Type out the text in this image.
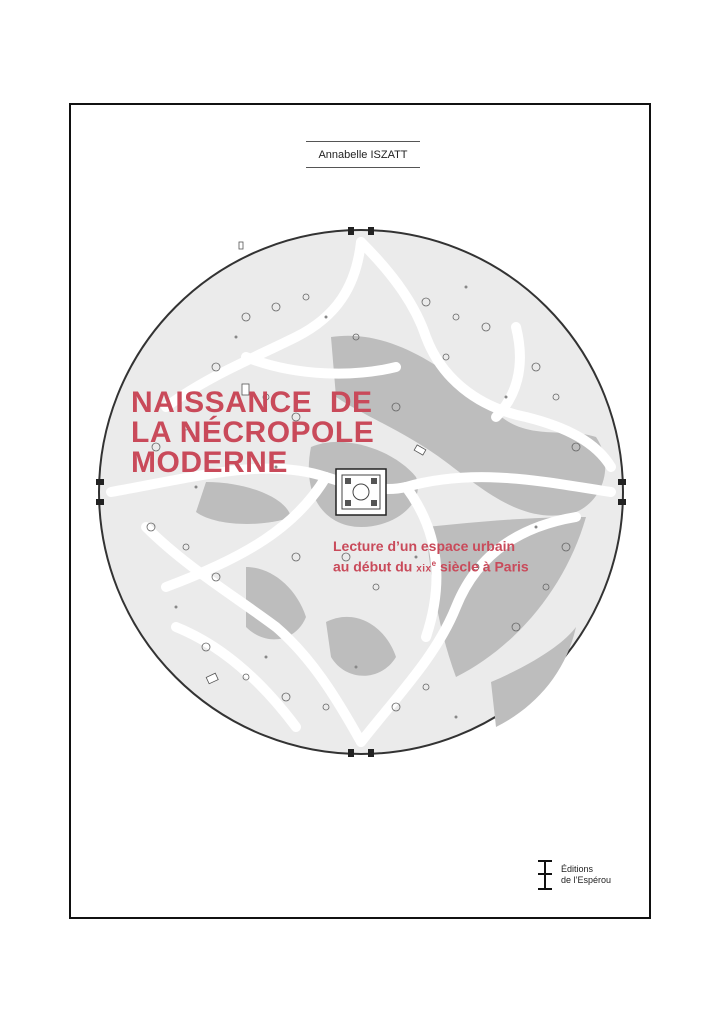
Annabelle ISZATT
NAISSANCE  DE
LA NÉCROPOLE
MODERNE
Lecture d’un espace urbain
au début du xix$^e$ siècle à Paris
Éditions
de l’Espérou
